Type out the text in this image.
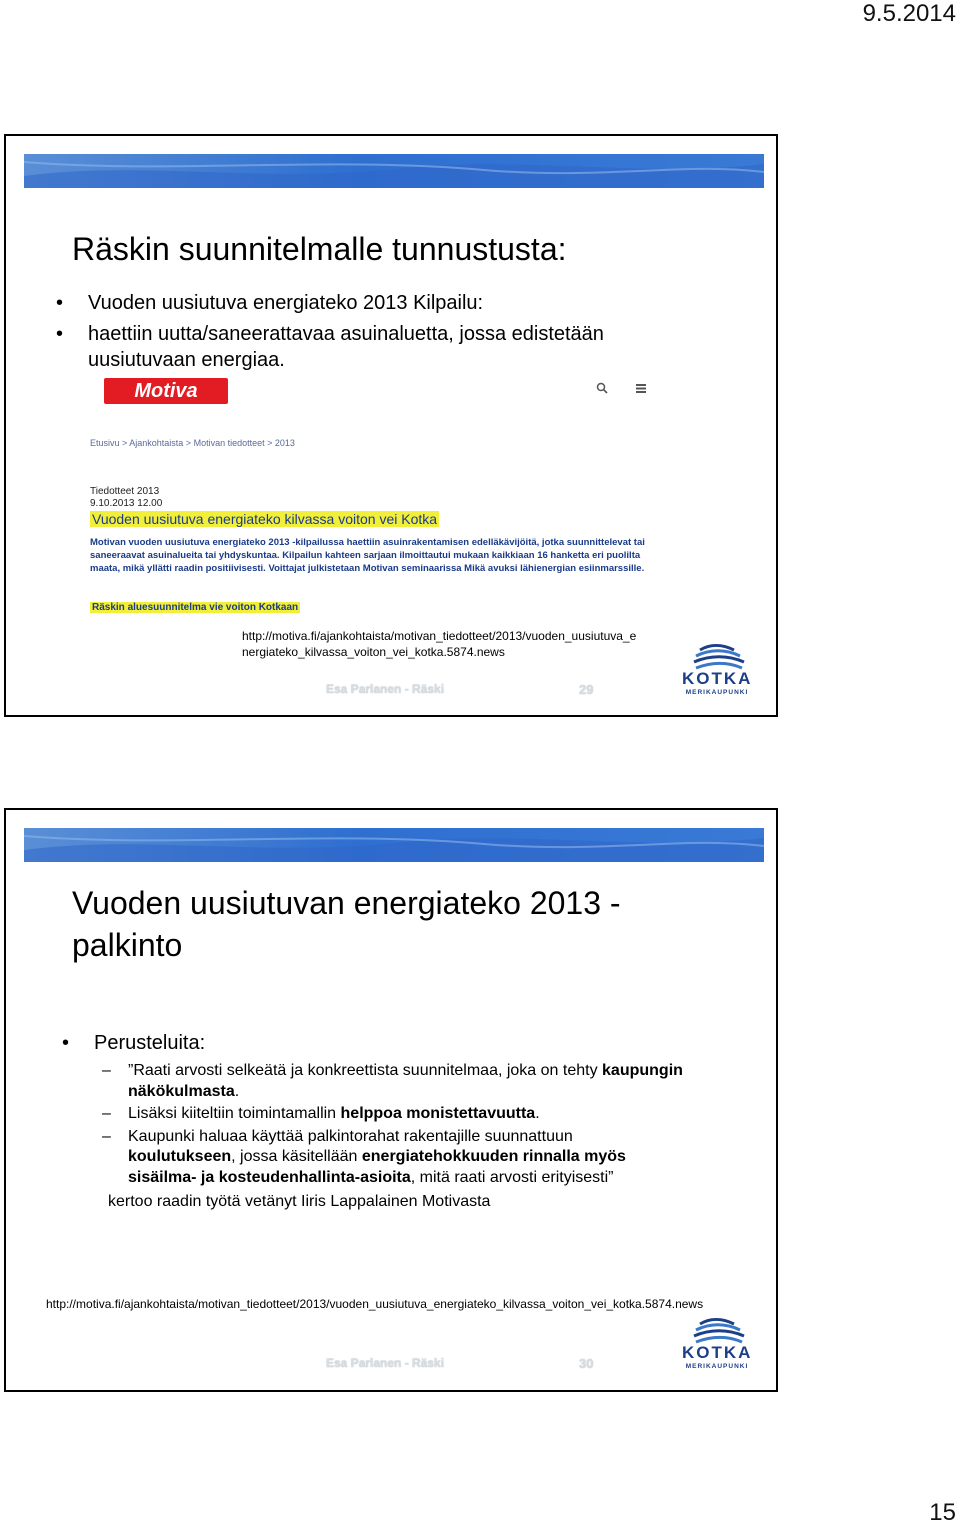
9.5.2014
Räskin suunnitelmalle tunnustusta:
• Vuoden uusiutuva energiateko 2013 Kilpailu:
• haettiin uutta/saneerattavaa asuinaluetta, jossa edistetään uusiutuvaan energiaa.
Motiva
Etusivu > Ajankohtaista > Motivan tiedotteet > 2013
Tiedotteet 2013
9.10.2013 12.00
Vuoden uusiutuva energiateko kilvassa voiton vei Kotka
Motivan vuoden uusiutuva energiateko 2013 -kilpailussa haettiin asuinrakentamisen edelläkävijöitä, jotka suunnittelevat tai saneeraavat asuinalueita tai yhdyskuntaa. Kilpailun kahteen sarjaan ilmoittautui mukaan kaikkiaan 16 hanketta eri puolilta maata, mikä yllätti raadin positiivisesti. Voittajat julkistetaan Motivan seminaarissa Mikä avuksi lähienergian esiinmarssille.
Räskin aluesuunnitelma vie voiton Kotkaan
http://motiva.fi/ajankohtaista/motivan_tiedotteet/2013/vuoden_uusiutuva_energiateko_kilvassa_voiton_vei_kotka.5874.news
Esa Parlanen - Räski	29
KOTKA
MERIKAUPUNKI
Vuoden uusiutuvan energiateko 2013 - palkinto
• Perusteluita:
– ”Raati arvosti selkeätä ja konkreettista suunnitelmaa, joka on tehty kaupungin näkökulmasta.
– Lisäksi kiiteltiin toimintamallin helppoa monistettavuutta.
– Kaupunki haluaa käyttää palkintorahat rakentajille suunnattuun koulutukseen, jossa käsitellään energiatehokkuuden rinnalla myös sisäilma- ja kosteudenhallinta-asioita, mitä raati arvosti erityisesti”
kertoo raadin työtä vetänyt Iiris Lappalainen Motivasta
http://motiva.fi/ajankohtaista/motivan_tiedotteet/2013/vuoden_uusiutuva_energiateko_kilvassa_voiton_vei_kotka.5874.news
Esa Parlanen - Räski	30
KOTKA
MERIKAUPUNKI
15
